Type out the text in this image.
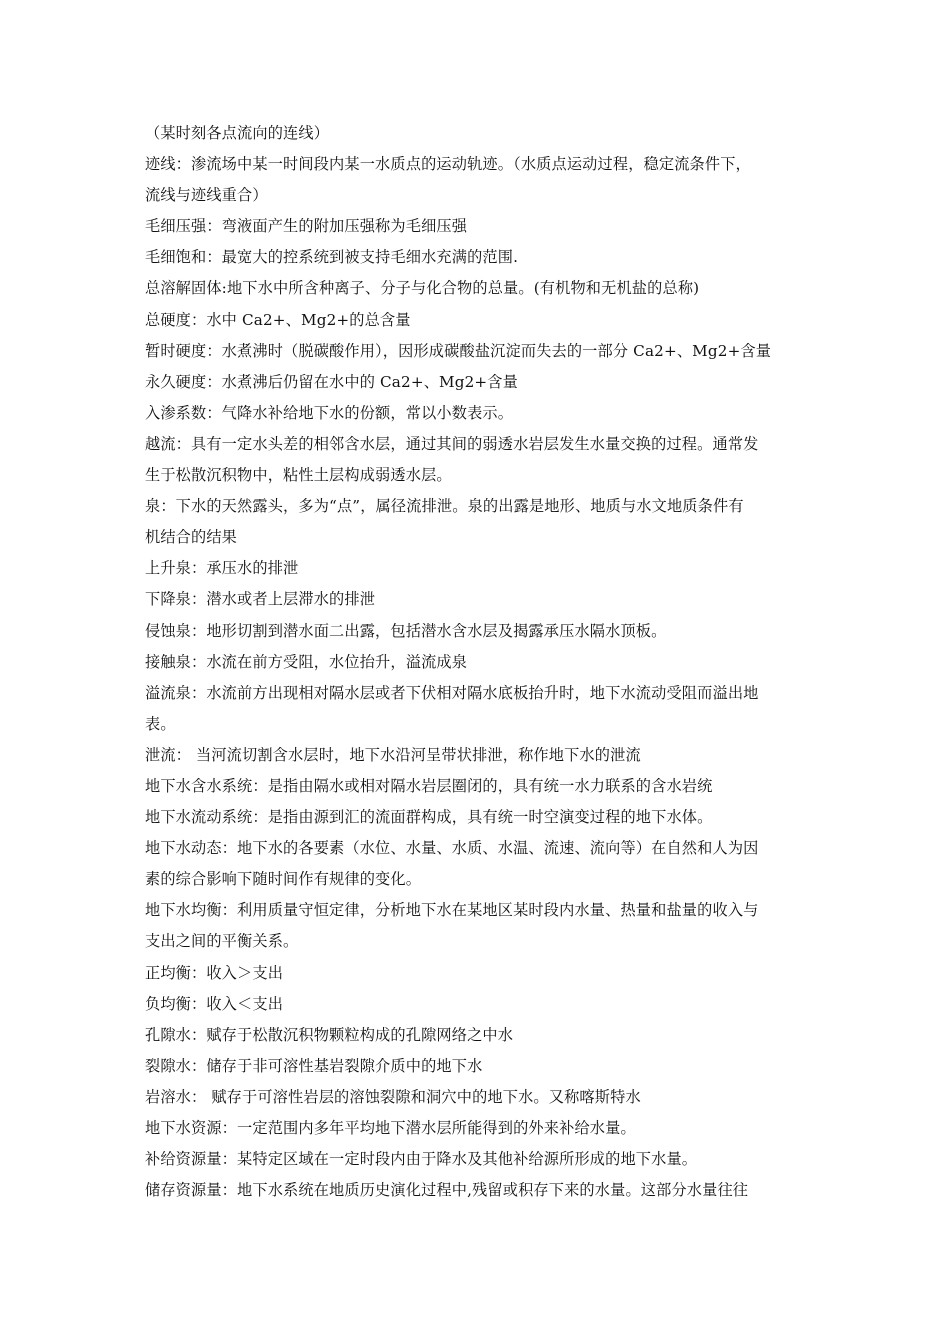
（某时刻各点流向的连线）
迹线：渗流场中某一时间段内某一水质点的运动轨迹。（水质点运动过程，稳定流条件下，
流线与迹线重合）
毛细压强：弯液面产生的附加压强称为毛细压强
毛细饱和：最宽大的控系统到被支持毛细水充满的范围.
总溶解固体:地下水中所含种离子、分子与化合物的总量。(有机物和无机盐的总称)
总硬度：水中 Ca2+、Mg2+的总含量
暂时硬度：水煮沸时（脱碳酸作用），因形成碳酸盐沉淀而失去的一部分 Ca2+、Mg2+含量
永久硬度：水煮沸后仍留在水中的 Ca2+、Mg2+含量
入渗系数：气降水补给地下水的份额，常以小数表示。
越流：具有一定水头差的相邻含水层，通过其间的弱透水岩层发生水量交换的过程。通常发
生于松散沉积物中，粘性土层构成弱透水层。
泉：下水的天然露头，多为“点”，属径流排泄。泉的出露是地形、地质与水文地质条件有
机结合的结果
上升泉：承压水的排泄
下降泉：潜水或者上层滞水的排泄
侵蚀泉：地形切割到潜水面二出露，包括潜水含水层及揭露承压水隔水顶板。
接触泉：水流在前方受阻，水位抬升，溢流成泉
溢流泉：水流前方出现相对隔水层或者下伏相对隔水底板抬升时，地下水流动受阻而溢出地
表。
泄流： 当河流切割含水层时，地下水沿河呈带状排泄，称作地下水的泄流
地下水含水系统：是指由隔水或相对隔水岩层圈闭的，具有统一水力联系的含水岩统
地下水流动系统：是指由源到汇的流面群构成，具有统一时空演变过程的地下水体。
地下水动态：地下水的各要素（水位、水量、水质、水温、流速、流向等）在自然和人为因
素的综合影响下随时间作有规律的变化。
地下水均衡：利用质量守恒定律，分析地下水在某地区某时段内水量、热量和盐量的收入与
支出之间的平衡关系。
正均衡：收入＞支出
负均衡：收入＜支出
孔隙水：赋存于松散沉积物颗粒构成的孔隙网络之中水
裂隙水：储存于非可溶性基岩裂隙介质中的地下水
岩溶水： 赋存于可溶性岩层的溶蚀裂隙和洞穴中的地下水。又称喀斯特水
地下水资源：一定范围内多年平均地下潜水层所能得到的外来补给水量。
补给资源量：某特定区域在一定时段内由于降水及其他补给源所形成的地下水量。
储存资源量：地下水系统在地质历史演化过程中,残留或积存下来的水量。这部分水量往往
